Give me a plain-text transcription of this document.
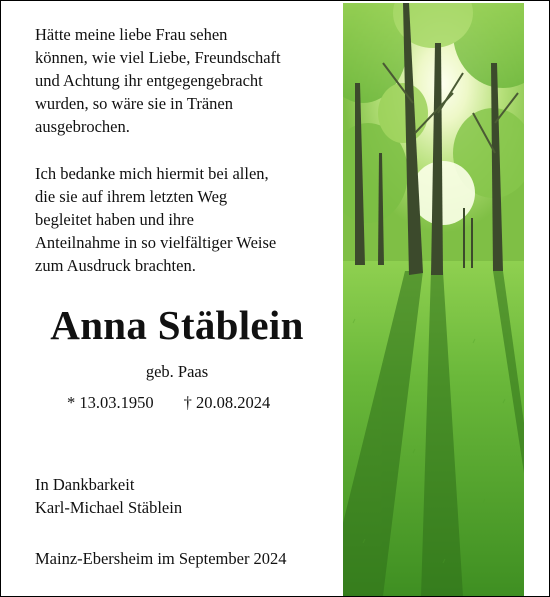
Hätte meine liebe Frau sehen
können, wie viel Liebe, Freundschaft
und Achtung ihr entgegengebracht
wurden, so wäre sie in Tränen
ausgebrochen.

Ich bedanke mich hiermit bei allen,
die sie auf ihrem letzten Weg
begleitet haben und ihre
Anteilnahme in so vielfältiger Weise
zum Ausdruck brachten.

Anna Stäblein
geb. Paas
* 13.03.1950 † 20.08.2024

In Dankbarkeit
Karl-Michael Stäblein

Mainz-Ebersheim im September 2024
